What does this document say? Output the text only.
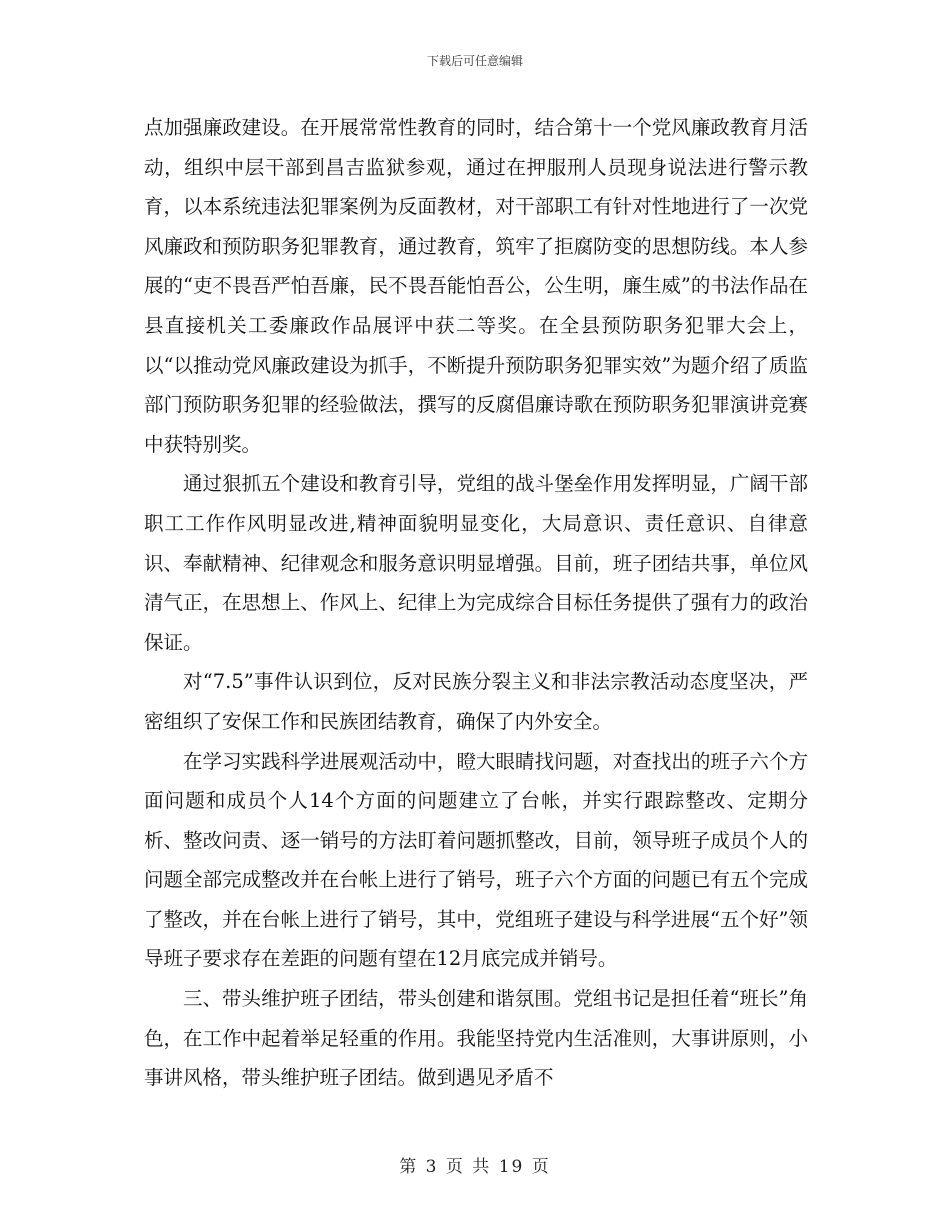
下载后可任意编辑

点加强廉政建设。在开展常常性教育的同时，结合第十一个党风廉政教育月活动，组织中层干部到昌吉监狱参观，通过在押服刑人员现身说法进行警示教育，以本系统违法犯罪案例为反面教材，对干部职工有针对性地进行了一次党风廉政和预防职务犯罪教育，通过教育，筑牢了拒腐防变的思想防线。本人参展的“吏不畏吾严怕吾廉，民不畏吾能怕吾公，公生明，廉生威”的书法作品在县直接机关工委廉政作品展评中获二等奖。在全县预防职务犯罪大会上，以“以推动党风廉政建设为抓手，不断提升预防职务犯罪实效”为题介绍了质监部门预防职务犯罪的经验做法，撰写的反腐倡廉诗歌在预防职务犯罪演讲竞赛中获特别奖。

通过狠抓五个建设和教育引导，党组的战斗堡垒作用发挥明显，广阔干部职工工作作风明显改进,精神面貌明显变化，大局意识、责任意识、自律意识、奉献精神、纪律观念和服务意识明显增强。目前，班子团结共事，单位风清气正，在思想上、作风上、纪律上为完成综合目标任务提供了强有力的政治保证。

对“7.5”事件认识到位，反对民族分裂主义和非法宗教活动态度坚决，严密组织了安保工作和民族团结教育，确保了内外安全。

在学习实践科学进展观活动中，瞪大眼睛找问题，对查找出的班子六个方面问题和成员个人14个方面的问题建立了台帐，并实行跟踪整改、定期分析、整改问责、逐一销号的方法盯着问题抓整改，目前，领导班子成员个人的问题全部完成整改并在台帐上进行了销号，班子六个方面的问题已有五个完成了整改，并在台帐上进行了销号，其中，党组班子建设与科学进展“五个好”领导班子要求存在差距的问题有望在12月底完成并销号。

三、带头维护班子团结，带头创建和谐氛围。党组书记是担任着“班长”角色，在工作中起着举足轻重的作用。我能坚持党内生活准则，大事讲原则，小事讲风格，带头维护班子团结。做到遇见矛盾不

第 3 页 共 19 页
